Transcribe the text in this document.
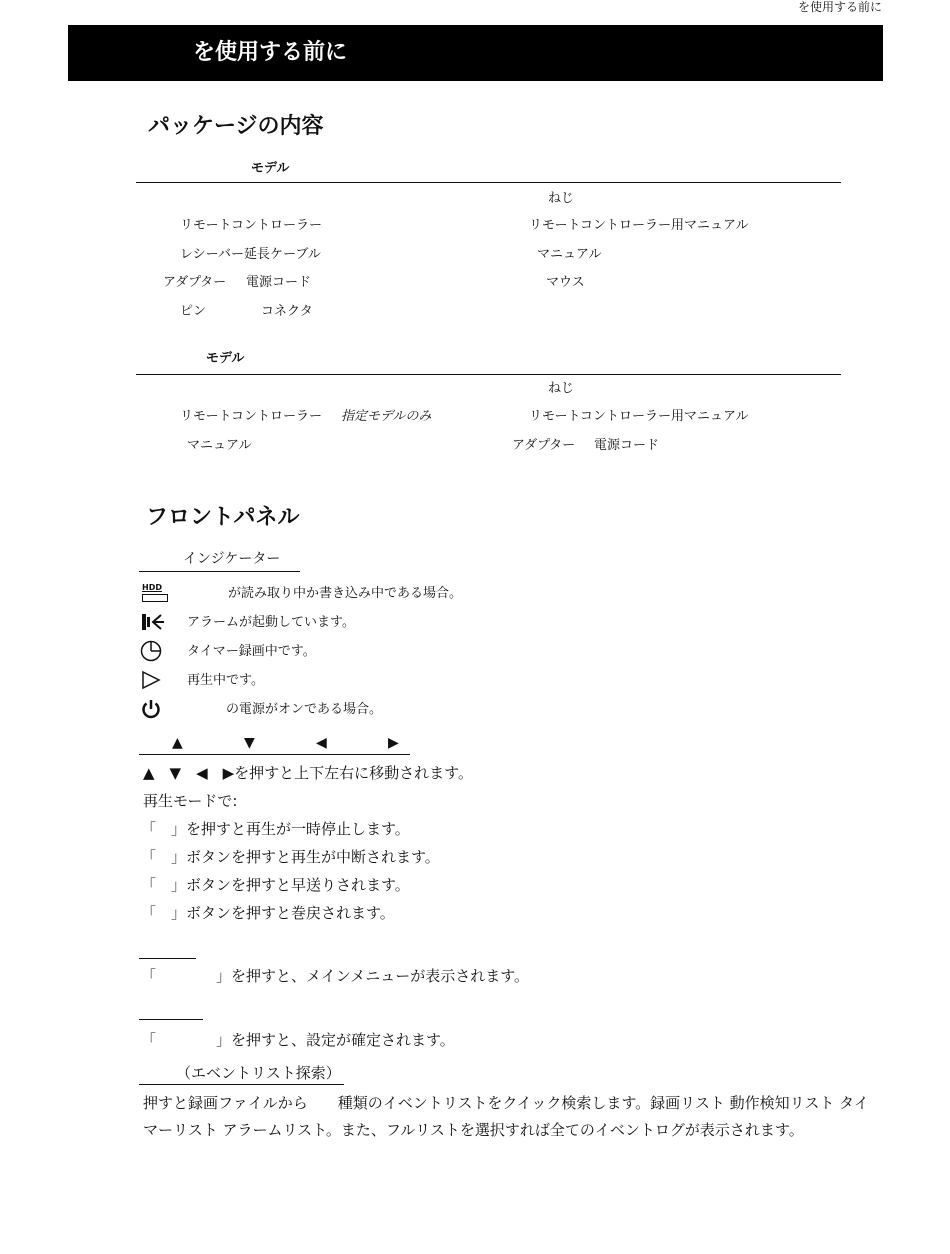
を使用する前に
を使用する前に
パッケージの内容
モデル
ねじ
リモートコントローラー	リモートコントローラー用マニュアル
レシーバー延長ケーブル	マニュアル
アダプター 電源コード	マウス
ピン	コネクタ
モデル
ねじ
リモートコントローラー 指定モデルのみ	リモートコントローラー用マニュアル
マニュアル	アダプター 電源コード
フロントパネル
インジケーター
HDD	が読み取り中か書き込み中である場合。
アラームが起動しています。
タイマー録画中です。
再生中です。
の電源がオンである場合。
▲	▼	◀	▶
▲　▼　◀　▶を押すと上下左右に移動されます。
再生モードで:
「　」を押すと再生が一時停止します。
「　」ボタンを押すと再生が中断されます。
「　」ボタンを押すと早送りされます。
「　」ボタンを押すと巻戻されます。
「　　　　」を押すと、メインメニューが表示されます。
「　　　　」を押すと、設定が確定されます。
（エベントリスト探索）
押すと録画ファイルから　　種類のイベントリストをクイック検索します。録画リスト 動作検知リスト タイマーリスト アラームリスト。また、フルリストを選択すれば全てのイベントログが表示されます。
